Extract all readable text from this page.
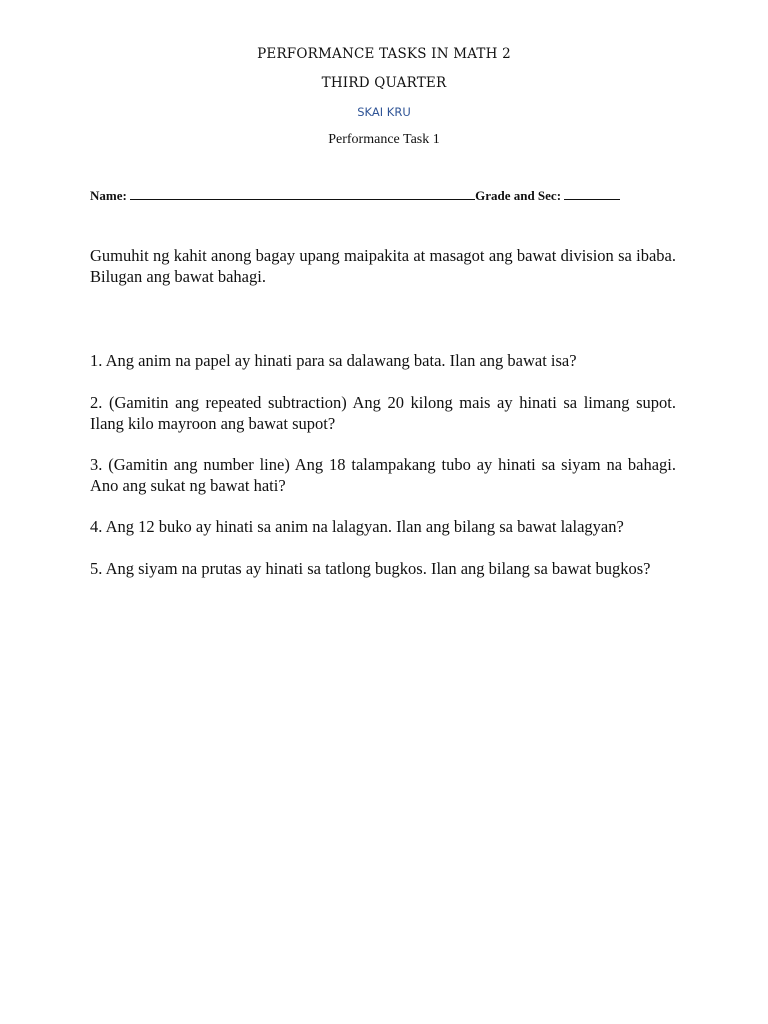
PERFORMANCE TASKS IN MATH 2
THIRD QUARTER
SKAI KRU
Performance Task 1
Name:	Grade and Sec:
Gumuhit ng kahit anong bagay upang maipakita at masagot ang bawat division sa ibaba. Bilugan ang bawat bahagi.
1. Ang anim na papel ay hinati para sa dalawang bata. Ilan ang bawat isa?
2. (Gamitin ang repeated subtraction) Ang 20 kilong mais ay hinati sa limang supot. Ilang kilo mayroon ang bawat supot?
3. (Gamitin ang number line) Ang 18 talampakang tubo ay hinati sa siyam na bahagi. Ano ang sukat ng bawat hati?
4. Ang 12 buko ay hinati sa anim na lalagyan. Ilan ang bilang sa bawat lalagyan?
5. Ang siyam na prutas ay hinati sa tatlong bugkos. Ilan ang bilang sa bawat bugkos?
